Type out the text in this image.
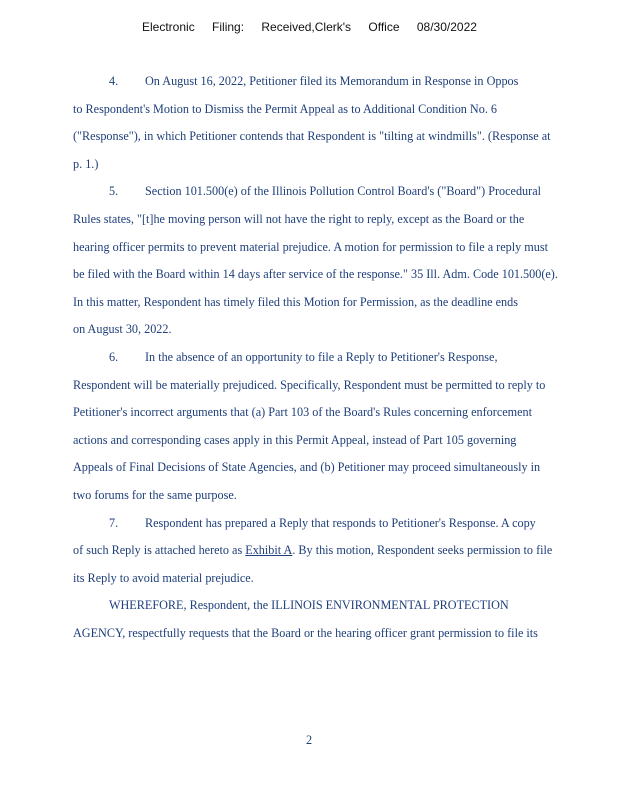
Electronic Filing: Received,Clerk's Office 08/30/2022
4. On August 16, 2022, Petitioner filed its Memorandum in Response in Oppos
to Respondent's Motion to Dismiss the Permit Appeal as to Additional Condition No. 6
("Response"), in which Petitioner contends that Respondent is "tilting at windmills". (Response at
p. 1.)
5. Section 101.500(e) of the Illinois Pollution Control Board's ("Board") Procedural
Rules states, "[t]he moving person will not have the right to reply, except as the Board or the
hearing officer permits to prevent material prejudice. A motion for permission to file a reply must
be filed with the Board within 14 days after service of the response." 35 Ill. Adm. Code 101.500(e).
In this matter, Respondent has timely filed this Motion for Permission, as the deadline ends
on August 30, 2022.
6. In the absence of an opportunity to file a Reply to Petitioner's Response,
Respondent will be materially prejudiced. Specifically, Respondent must be permitted to reply to
Petitioner's incorrect arguments that (a) Part 103 of the Board's Rules concerning enforcement
actions and corresponding cases apply in this Permit Appeal, instead of Part 105 governing
Appeals of Final Decisions of State Agencies, and (b) Petitioner may proceed simultaneously in
two forums for the same purpose.
7. Respondent has prepared a Reply that responds to Petitioner's Response. A copy
of such Reply is attached hereto as Exhibit A. By this motion, Respondent seeks permission to file
its Reply to avoid material prejudice.
WHEREFORE, Respondent, the ILLINOIS ENVIRONMENTAL PROTECTION
AGENCY, respectfully requests that the Board or the hearing officer grant permission to file its
2
